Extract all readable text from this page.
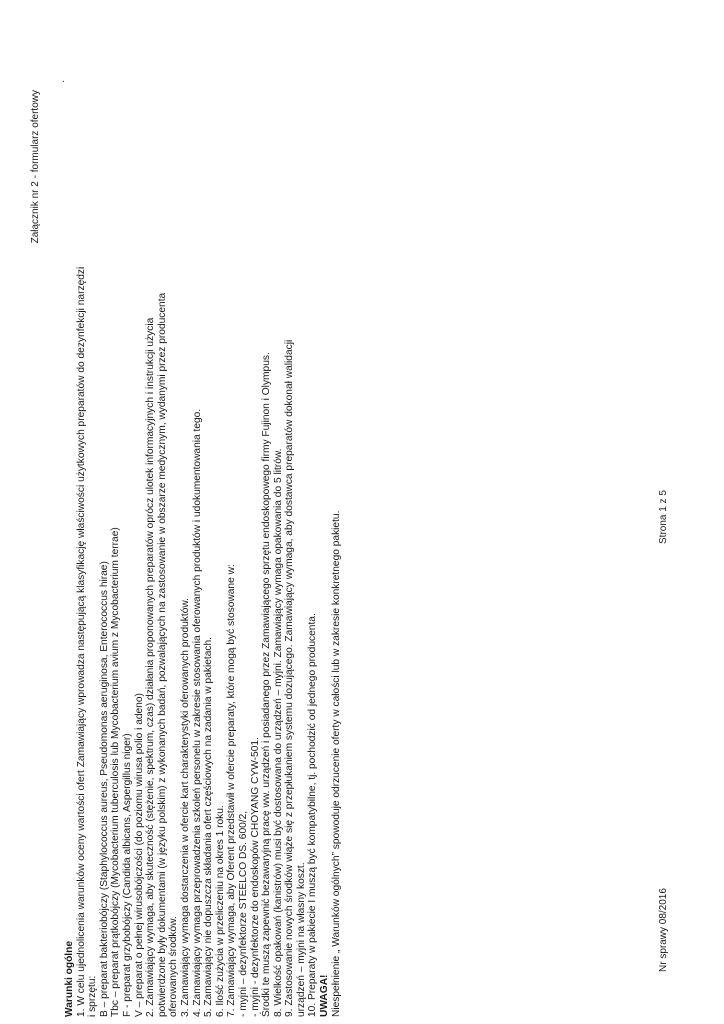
Załącznik nr 2 - formularz ofertowy
.
Warunki ogólne 1. W celu ujednolicenia warunków oceny wartości ofert Zamawiający wprowadza następującą klasyfikację właściwości użytkowych preparatów do dezynfekcji narzędzi i sprzętu: B – preparat bakteriobójczy (Staphylococcus aureus, Pseudomonas aeruginosa, Enterococcus hirae) Tbc – preparat prątkobójczy (Mycobacterium tuberculosis lub Mycobacterium avium z Mycobacterium terrae) F - preparat grzybobójczy (Candida albicans, Aspergillus niger) V – preparat o pełnej wirusobójczości (do poziomu wirusa polio i adeno) 2. Zamawiający wymaga, aby skuteczność (stężenie, spektrum, czas) działania proponowanych preparatów oprócz ulotek informacyjnych i instrukcji użycia potwierdzone były dokumentami (w języku polskim) z wykonanych badań, pozwalających na zastosowanie w obszarze medycznym, wydanymi przez producenta oferowanych środków. 3. Zamawiający wymaga dostarczenia w ofercie kart charakterystyki oferowanych produktów. 4. Zamawiający wymaga przeprowadzenia szkoleń personelu w zakresie stosowania oferowanych produktów i udokumentowania tego. 5. Zamawiający nie dopuszcza składania ofert częściowych na zadania w pakietach. 6. Ilość zużycia w przeliczeniu na okres 1 roku. 7. Zamawiający wymaga, aby Oferent przedstawił w ofercie preparaty, które mogą być stosowane w: - myjni – dezynfektorze STEELCO DS. 600/2, - myjni - dezynfektorze do endoskopów CHOYANG CYW-501. Środki te muszą zapewnić bezawaryjną pracę ww. urządzeń i posiadanego przez Zamawiającego sprzętu endoskopowego firmy Fujinon i Olympus. 8. Wielkość opakowań (kanistrów) musi być dostosowana do urządzeń – myjni. Zamawiający wymaga opakowania do 5 litrów. 9. Zastosowanie nowych środków wiąże się z przepłukaniem systemu dozującego. Zamawiający wymaga, aby dostawca preparatów dokonał walidacji urządzeń – myjni na własny koszt. 10. Preparaty w pakiecie I muszą być kompatybilne, tj. pochodzić od jednego producenta. UWAGA! Niespełnienie „ Warunków ogólnych” spowoduje odrzucenie oferty w całości lub w zakresie konkretnego pakietu.	Nr sprawy 08/2016
Strona 1 z 5
